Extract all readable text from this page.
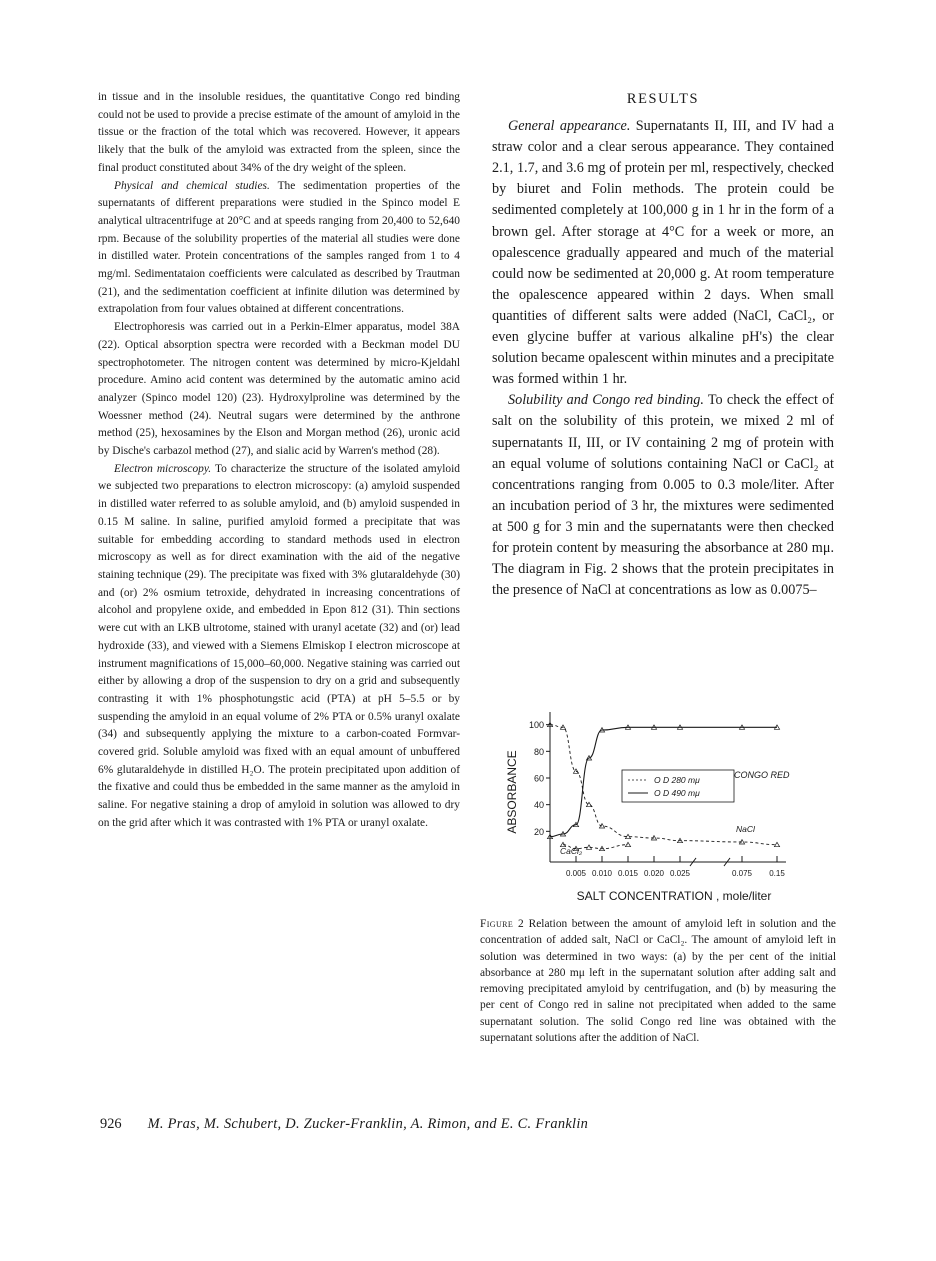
in tissue and in the insoluble residues, the quantitative Congo red binding could not be used to provide a precise estimate of the amount of amyloid in the tissue or the fraction of the total which was recovered. However, it appears likely that the bulk of the amyloid was extracted from the spleen, since the final product constituted about 34% of the dry weight of the spleen.

Physical and chemical studies. The sedimentation properties of the supernatants of different preparations were studied in the Spinco model E analytical ultracentrifuge at 20°C and at speeds ranging from 20,400 to 52,640 rpm. Because of the solubility properties of the material all studies were done in distilled water. Protein concentrations of the samples ranged from 1 to 4 mg/ml. Sedimentataion coefficients were calculated as described by Trautman (21), and the sedimentation coefficient at infinite dilution was determined by extrapolation from four values obtained at different concentrations.

Electrophoresis was carried out in a Perkin-Elmer apparatus, model 38A (22). Optical absorption spectra were recorded with a Beckman model DU spectrophotometer. The nitrogen content was determined by micro-Kjeldahl procedure. Amino acid content was determined by the automatic amino acid analyzer (Spinco model 120) (23). Hydroxylproline was determined by the Woessner method (24). Neutral sugars were determined by the anthrone method (25), hexosamines by the Elson and Morgan method (26), uronic acid by Dische's carbazol method (27), and sialic acid by Warren's method (28).

Electron microscopy. To characterize the structure of the isolated amyloid we subjected two preparations to electron microscopy: (a) amyloid suspended in distilled water referred to as soluble amyloid, and (b) amyloid suspended in 0.15 M saline. In saline, purified amyloid formed a precipitate that was suitable for embedding according to standard methods used in electron microscopy as well as for direct examination with the aid of the negative staining technique (29). The precipitate was fixed with 3% glutaraldehyde (30) and (or) 2% osmium tetroxide, dehydrated in increasing concentrations of alcohol and propylene oxide, and embedded in Epon 812 (31). Thin sections were cut with an LKB ultrotome, stained with uranyl acetate (32) and (or) lead hydroxide (33), and viewed with a Siemens Elmiskop I electron microscope at instrument magnifications of 15,000–60,000. Negative staining was carried out either by allowing a drop of the suspension to dry on a grid and subsequently contrasting it with 1% phosphotungstic acid (PTA) at pH 5–5.5 or by suspending the amyloid in an equal volume of 2% PTA or 0.5% uranyl oxalate (34) and subsequently applying the mixture to a carbon-coated Formvar-covered grid. Soluble amyloid was fixed with an equal amount of unbuffered 6% glutaraldehyde in distilled H₂O. The protein precipitated upon addition of the fixative and could thus be embedded in the same manner as the amyloid in saline. For negative staining a drop of amyloid in solution was allowed to dry on the grid after which it was contrasted with 1% PTA or uranyl oxalate.

RESULTS

General appearance. Supernatants II, III, and IV had a straw color and a clear serous appearance. They contained 2.1, 1.7, and 3.6 mg of protein per ml, respectively, checked by biuret and Folin methods. The protein could be sedimented completely at 100,000 g in 1 hr in the form of a brown gel. After storage at 4°C for a week or more, an opalescence gradually appeared and much of the material could now be sedimented at 20,000 g. At room temperature the opalescence appeared within 2 days. When small quantities of different salts were added (NaCl, CaCl₂, or even glycine buffer at various alkaline pH's) the clear solution became opalescent within minutes and a precipitate was formed within 1 hr.

Solubility and Congo red binding. To check the effect of salt on the solubility of this protein, we mixed 2 ml of supernatants II, III, or IV containing 2 mg of protein with an equal volume of solutions containing NaCl or CaCl₂ at concentrations ranging from 0.005 to 0.3 mole/liter. After an incubation period of 3 hr, the mixtures were sedimented at 500 g for 3 min and the supernatants were then checked for protein content by measuring the absorbance at 280 mμ. The diagram in Fig. 2 shows that the protein precipitates in the presence of NaCl at concentrations as low as 0.0075–

0.15
0.075
0.025
0.020
0.015
0.010
0.005
20
40
60
80
100
ABSORBANCE
SALT CONCENTRATION , mole/liter
CONGO RED
NaCl
CaCl₂
O D 280 mμ
O D 490 mμ
Figure 2 Relation between the amount of amyloid left in solution and the concentration of added salt, NaCl or CaCl₂. The amount of amyloid left in solution was determined in two ways: (a) by the per cent of the initial absorbance at 280 mμ left in the supernatant solution after adding salt and removing precipitated amyloid by centrifugation, and (b) by measuring the per cent of Congo red in saline not precipitated when added to the same supernatant solution. The solid Congo red line was obtained with the supernatant solutions after the addition of NaCl.
926 M. Pras, M. Schubert, D. Zucker-Franklin, A. Rimon, and E. C. Franklin
